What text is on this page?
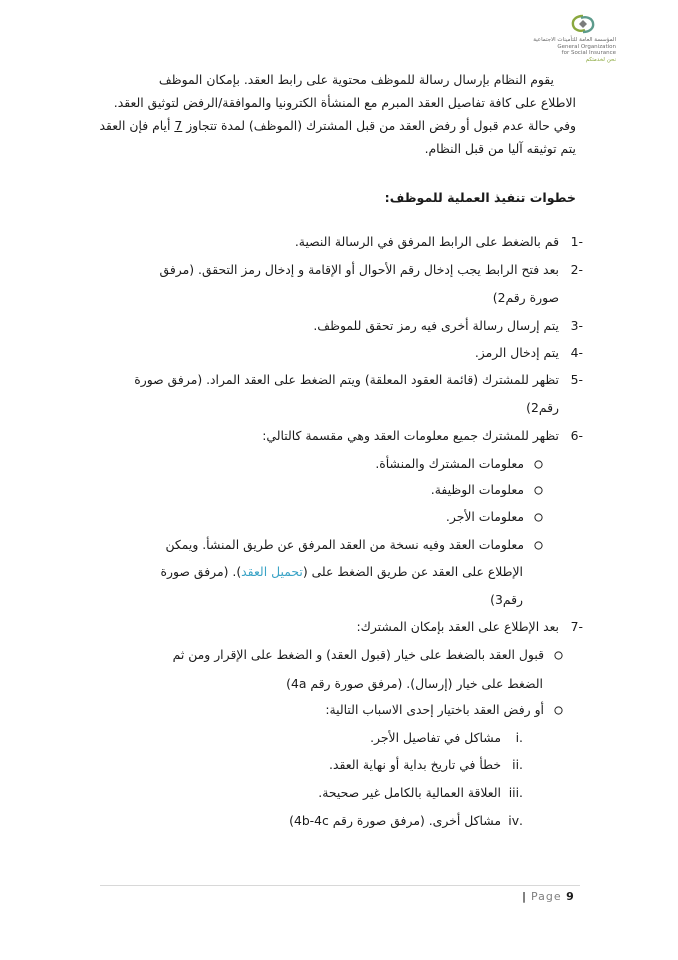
المؤسسة العامة للتأمينات الاجتماعية
General Organization
for Social Insurance
نحن لخدمتكم

يقوم النظام بإرسال رسالة للموظف محتوية على رابط العقد. بإمكان الموظف

الاطلاع على كافة تفاصيل العقد المبرم مع المنشأة الكترونيا والموافقة/الرفض لتوثيق العقد.

وفي حالة عدم قبول أو رفض العقد من قبل المشترك (الموظف) لمدة تتجاوز 7 أيام فإن العقد

يتم توثيقه آليا من قبل النظام.

خطوات تنفيذ العملية للموظف:
-1قم بالضغط على الرابط المرفق في الرسالة النصية.
-2بعد فتح الرابط يجب إدخال رقم الأحوال أو الإقامة و إدخال رمز التحقق. (مرفق
صورة رقم2)
-3يتم إرسال رسالة أخرى فيه رمز تحقق للموظف.
-4يتم إدخال الرمز.
-5تظهر للمشترك (قائمة العقود المعلقة) ويتم الضغط على العقد المراد. (مرفق صورة
رقم2)
-6تظهر للمشترك جميع معلومات العقد وهي مقسمة كالتالي:
معلومات المشترك والمنشأة.
معلومات الوظيفة.
معلومات الأجر.
معلومات العقد وفيه نسخة من العقد المرفق عن طريق المنشأ. ويمكن
الإطلاع على العقد عن طريق الضغط على (تحميل العقد). (مرفق صورة
رقم3)
-7بعد الإطلاع على العقد بإمكان المشترك:
قبول العقد بالضغط على خيار (قبول العقد) و الضغط على الإقرار ومن ثم
الضغط على خيار (إرسال). (مرفق صورة رقم 4a)
أو رفض العقد باختيار إحدى الاسباب التالية:
.iمشاكل في تفاصيل الأجر.
.iiخطأ في تاريخ بداية أو نهاية العقد.
.iiiالعلاقة العمالية بالكامل غير صحيحة.
.ivمشاكل أخرى. (مرفق صورة رقم 4b-4c)
| Page 9
